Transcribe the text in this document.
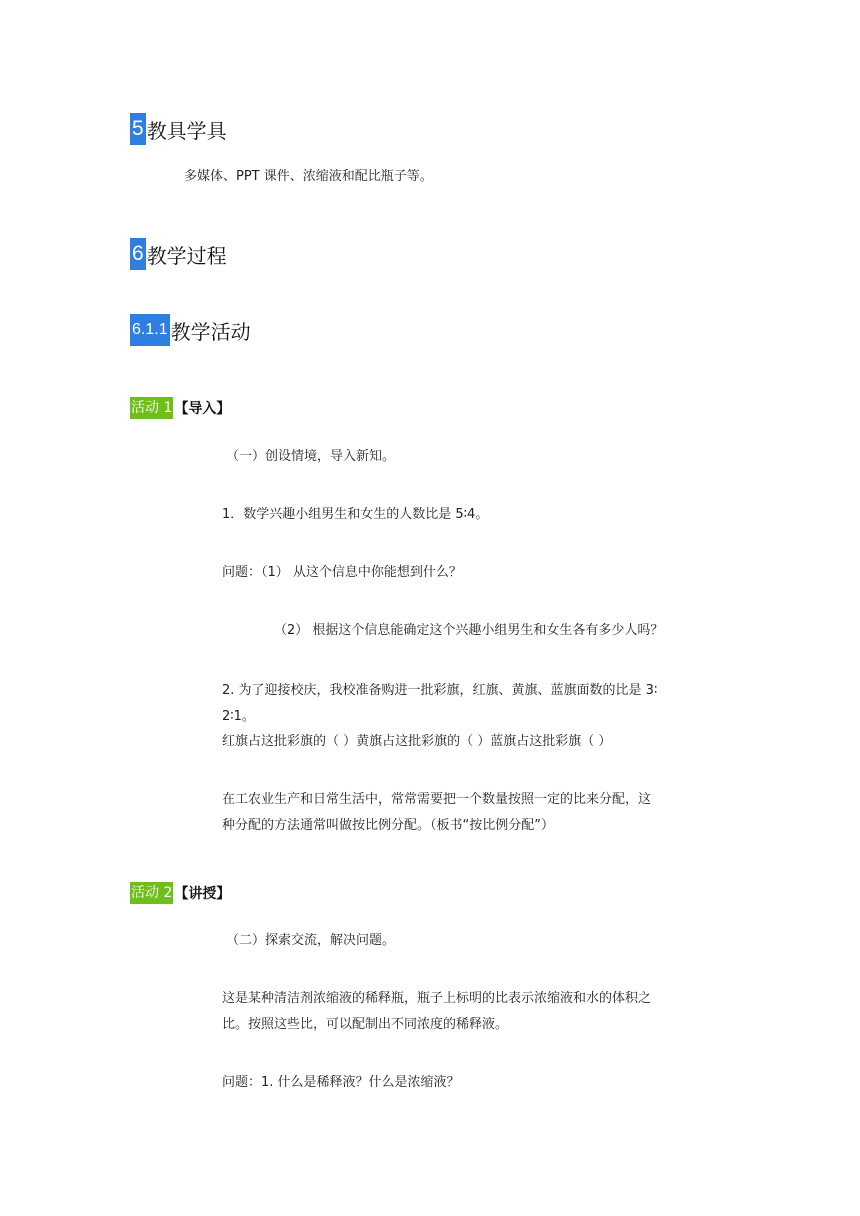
5 教具学具
多媒体、PPT 课件、浓缩液和配比瓶子等。
6 教学过程
6.1.1 教学活动
活动 1 【导入】
（一）创设情境，导入新知。
1．数学兴趣小组男生和女生的人数比是 5∶4。
问题：（1） 从这个信息中你能想到什么？
（2） 根据这个信息能确定这个兴趣小组男生和女生各有多少人吗？
2. 为了迎接校庆，我校准备购进一批彩旗，红旗、黄旗、蓝旗面数的比是 3∶
2∶1。
红旗占这批彩旗的（ ）黄旗占这批彩旗的（ ）蓝旗占这批彩旗（ ）
在工农业生产和日常生活中，常常需要把一个数量按照一定的比来分配，这
种分配的方法通常叫做按比例分配。（板书“按比例分配”）
活动 2 【讲授】
（二）探索交流，解决问题。
这是某种清洁剂浓缩液的稀释瓶，瓶子上标明的比表示浓缩液和水的体积之
比。按照这些比，可以配制出不同浓度的稀释液。
问题：1. 什么是稀释液？什么是浓缩液？
